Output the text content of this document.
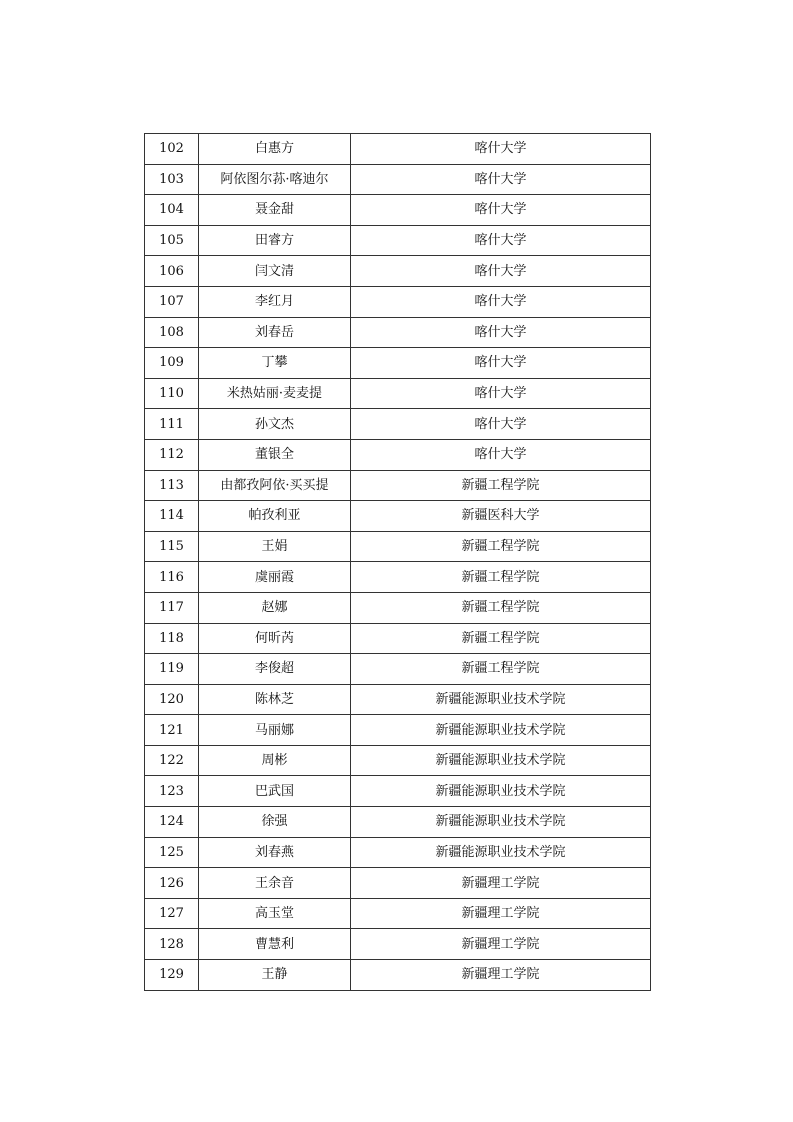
102	白惠方	喀什大学
103	阿依图尔荪·喀迪尔	喀什大学
104	聂金甜	喀什大学
105	田睿方	喀什大学
106	闫文清	喀什大学
107	李红月	喀什大学
108	刘春岳	喀什大学
109	丁攀	喀什大学
110	米热姑丽·麦麦提	喀什大学
111	孙文杰	喀什大学
112	董银全	喀什大学
113	由都孜阿依·买买提	新疆工程学院
114	帕孜利亚	新疆医科大学
115	王娟	新疆工程学院
116	虞丽霞	新疆工程学院
117	赵娜	新疆工程学院
118	何昕芮	新疆工程学院
119	李俊超	新疆工程学院
120	陈林芝	新疆能源职业技术学院
121	马丽娜	新疆能源职业技术学院
122	周彬	新疆能源职业技术学院
123	巴武国	新疆能源职业技术学院
124	徐强	新疆能源职业技术学院
125	刘春燕	新疆能源职业技术学院
126	王余音	新疆理工学院
127	高玉堂	新疆理工学院
128	曹慧利	新疆理工学院
129	王静	新疆理工学院
